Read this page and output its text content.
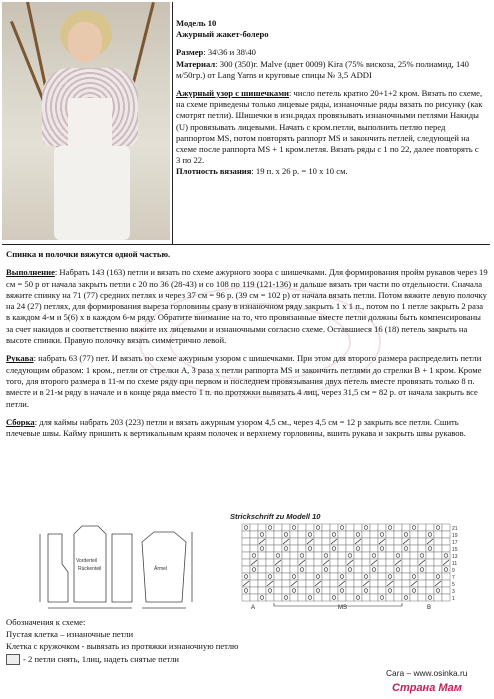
Модель 10
Ажурный жакет-болеро

Размер: 34\36 и 38\40
Материал: 300 (350)г. Malve (цвет 0009) Kira (75% вискоза, 25% полиамид, 140 м/50гр.) от Lang Yarns и круговые спицы № 3,5 ADDI

Ажурный узор с шишечками: число петель кратно 20+1+2 кром. Вязать по схеме, на схеме приведены только лицевые ряды, изнаночные ряды вязать по рисунку (как смотрят петли). Шишечки в изн.рядах провязывать изнаночными петлями Накиды (U) провязывать лицевыми. Начать с кром.петли, выполнить петлю перед раппортом MS, потом повторять раппорт MS и закончить петлей, следующей на схеме после раппорта MS + 1 кром.петля. Вязать ряды с 1 по 22, далее повторять с 3 по 22.
Плотность вязания: 19 п. х 26 р. = 10 х 10 см.

Спинка и полочки вяжутся одной частью.

Выполнение: Набрать 143 (163) петли и вязать по схеме ажурного зоора с шишечками. Для формирования пройм рукавов через 19 см = 50 р от начала закрыть петли с 20 по 36 (28-43) и со 108 по 119 (121-136) и дальше вязать три части по отдельности. Сначала вяжите спинку на 71 (77) средних петлях и через 37 см = 96 р. (39 см = 102 р) от начала вязать петли. Потом вяжите левую полочку на 24 (27) петлях, для формирования выреза горловины сразу в изнаночном ряду закрыть 1 х 1 п., потом по 1 петле закрыть 2 раза в каждом 4-м и 5(6) х в каждом 6-м ряду. Обратите внимание на то, что провязанные вместе петли должны быть компенсированы за счет накидов и соответственно вяжите их лицевыми и изнаночными согласно схеме. Оставшиеся 16 (18) петель закрыть на высоте спинки. Правую полочку вязать симметрично левой.

Рукава: набрать 63 (77) пет. И вязать по схеме ажурным узором с шишечками. При этом для второго размера распределить петли следующим образом: 1 кром., петли от стрелки А, 3 раза х петли раппорта MS и закончить петлями до стрелки В + 1 кром. Кроме того, для второго размера в 11-м по схеме ряду при первом и последнем провязывания двух петель вместе провязать только 8 п. вместе и в 21-м ряду в начале и в конце ряда вместо 1 п. по протяжки вывязать 4 лиц, через 31,5 см = 82 р. от начала закрыть все петли.

Сборка: для каймы набрать 203 (223) петли и вязать ажурным узором 4,5 см., через 4,5 см = 12 р закрыть все петли. Сшить плечевые швы. Кайму пришить к вертикальным краям полочек и верхнему горловины, вшить рукава и закрыть швы рукавов.

Vorderteil
Rückenteil	Ärmel
Strickschrift zu Modell 10
21
19
17
15
13
11
9
7
5
3
1
MS
A	B
Обозначения к схеме:
Пустая клетка – изнаночные петли
Клетка с кружочком - вывязать из протяжки изнаночную петлю
- 2 петли снять, 1лиц, надеть снятые петли
Cara – www.osinka.ru
Страна Мам
